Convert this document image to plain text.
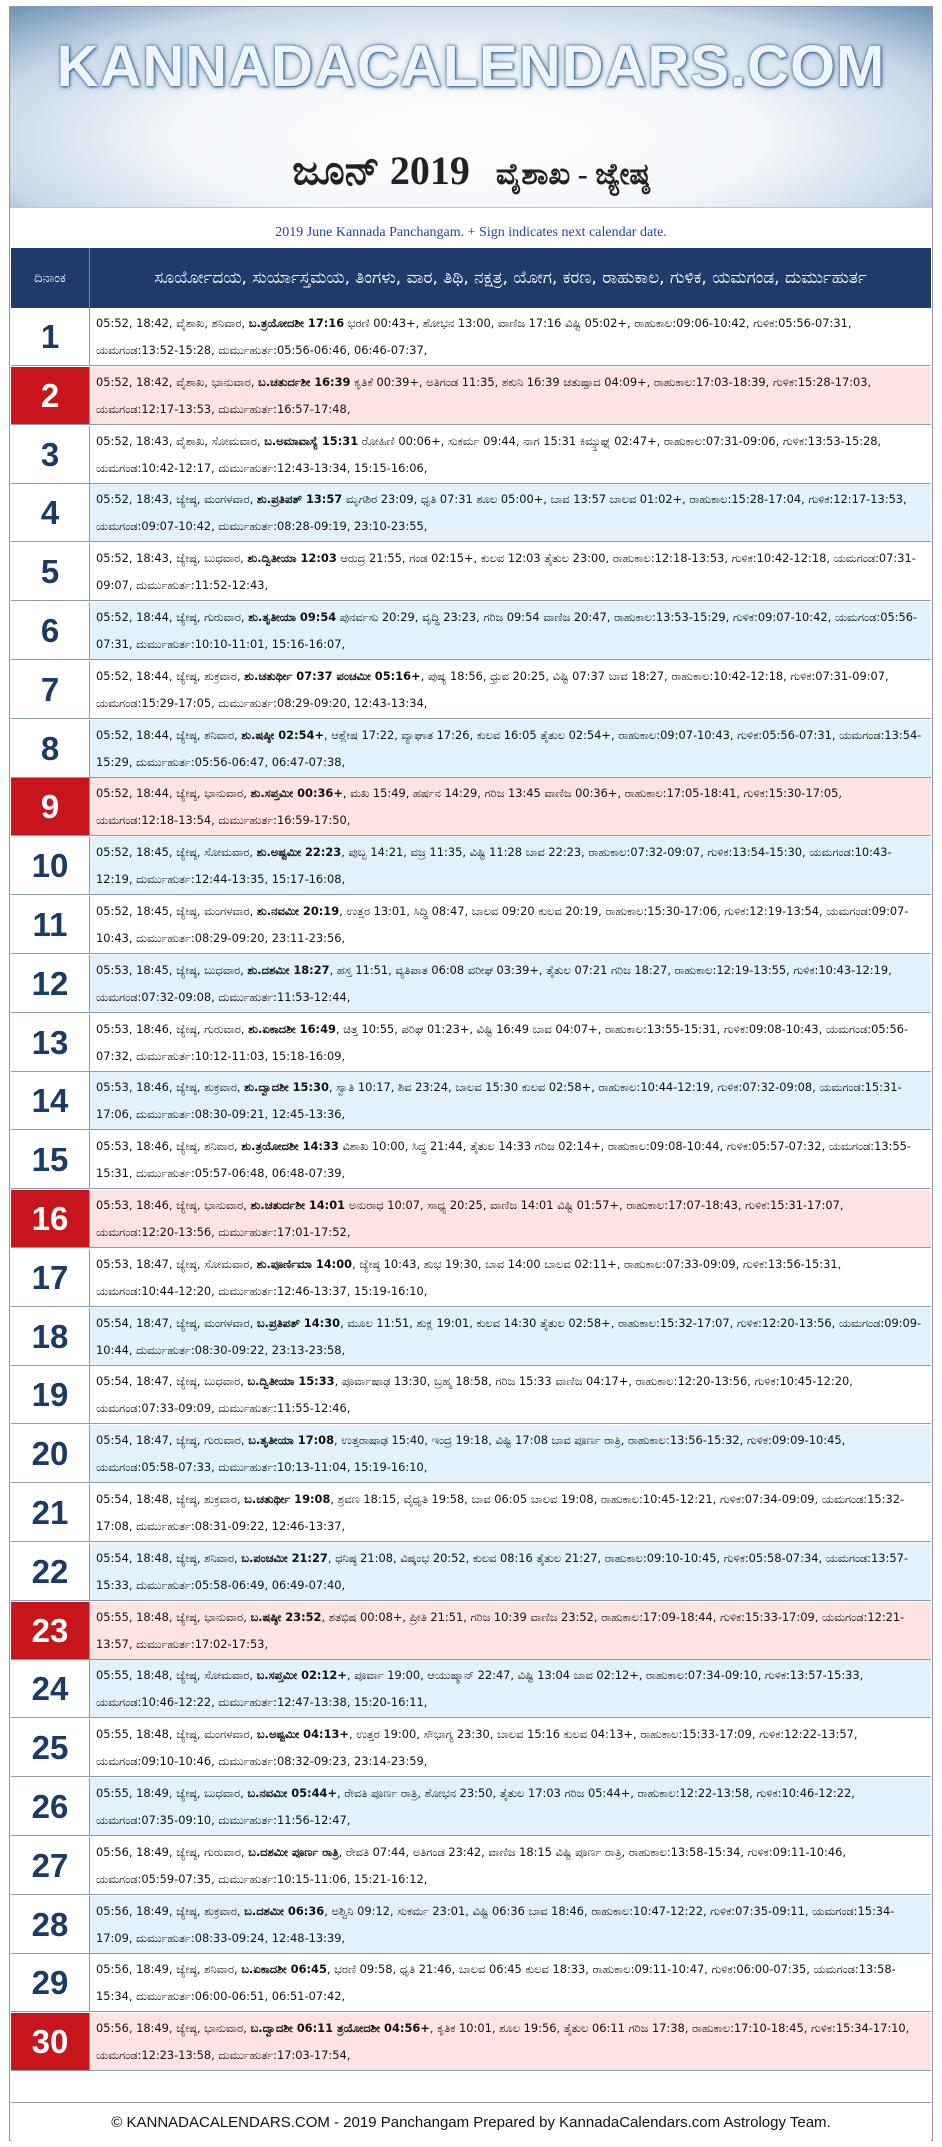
KANNADACALENDARS.COM
ಜೂನ್ 2019 ವೈಶಾಖ - ಜ್ಯೇಷ್ಠ
2019 June Kannada Panchangam. + Sign indicates next calendar date.
ದಿನಾಂಕ	ಸೂರ್ಯೋದಯ, ಸುರ್ಯಾಸ್ತಮಯ, ತಿಂಗಳು, ವಾರ, ತಿಥಿ, ನಕ್ಷತ್ರ, ಯೋಗ, ಕರಣ, ರಾಹುಕಾಲ, ಗುಳಿಕ, ಯಮಗಂಡ, ದುರ್ಮುಹುರ್ತ
1	05:52, 18:42, ವೈಶಾಖ, ಶನಿವಾರ, ಬ.ತ್ರಯೋದಶೀ 17:16 ಭರಣಿ 00:43+, ಶೋಭನ 13:00, ವಾಣಿಜ 17:16 ವಿಷ್ಟಿ 05:02+, ರಾಹುಕಾಲ:09:06-10:42, ಗುಳಿಕ:05:56-07:31, ಯಮಗಂಡ:13:52-15:28, ದುರ್ಮುಹುರ್ತ:05:56-06:46, 06:46-07:37,
2	05:52, 18:42, ವೈಶಾಖ, ಭಾನುವಾರ, ಬ.ಚತುರ್ದಶೀ 16:39 ಕೃತಿಕೆ 00:39+, ಅತಿಗಂಡ 11:35, ಶಕುನಿ 16:39 ಚತುಷ್ಪಾದ 04:09+, ರಾಹುಕಾಲ:17:03-18:39, ಗುಳಿಕ:15:28-17:03, ಯಮಗಂಡ:12:17-13:53, ದುರ್ಮುಹುರ್ತ:16:57-17:48,
3	05:52, 18:43, ವೈಶಾಖ, ಸೋಮವಾರ, ಬ.ಅಮಾವಾಸ್ಯೆ 15:31 ರೋಹಿಣಿ 00:06+, ಸುಕರ್ಮ 09:44, ನಾಗ 15:31 ಕಿಮ್ಸ್ತುಘ್ನ 02:47+, ರಾಹುಕಾಲ:07:31-09:06, ಗುಳಿಕ:13:53-15:28, ಯಮಗಂಡ:10:42-12:17, ದುರ್ಮುಹುರ್ತ:12:43-13:34, 15:15-16:06,
4	05:52, 18:43, ಜ್ಯೇಷ್ಠ, ಮಂಗಳವಾರ, ಶು.ಪ್ರತಿಪತ್ 13:57 ಮೃಗಶಿರ 23:09, ಧೃತಿ 07:31 ಶೂಲ 05:00+, ಬಾವ 13:57 ಬಾಲವ 01:02+, ರಾಹುಕಾಲ:15:28-17:04, ಗುಳಿಕ:12:17-13:53, ಯಮಗಂಡ:09:07-10:42, ದುರ್ಮುಹುರ್ತ:08:28-09:19, 23:10-23:55,
5	05:52, 18:43, ಜ್ಯೇಷ್ಠ, ಬುಧವಾರ, ಶು.ದ್ವಿತೀಯಾ 12:03 ಆರುದ್ರ 21:55, ಗಂಡ 02:15+, ಕುಲವ 12:03 ತೈತುಲ 23:00, ರಾಹುಕಾಲ:12:18-13:53, ಗುಳಿಕ:10:42-12:18, ಯಮಗಂಡ:07:31-09:07, ದುರ್ಮುಹುರ್ತ:11:52-12:43,
6	05:52, 18:44, ಜ್ಯೇಷ್ಠ, ಗುರುವಾರ, ಶು.ತೃತೀಯಾ 09:54 ಪುನರ್ವಸು 20:29, ವೃದ್ಧಿ 23:23, ಗರಿಜ 09:54 ವಾಣಿಜ 20:47, ರಾಹುಕಾಲ:13:53-15:29, ಗುಳಿಕ:09:07-10:42, ಯಮಗಂಡ:05:56-07:31, ದುರ್ಮುಹುರ್ತ:10:10-11:01, 15:16-16:07,
7	05:52, 18:44, ಜ್ಯೇಷ್ಠ, ಶುಕ್ರವಾರ, ಶು.ಚತುರ್ಥೀ 07:37 ಪಂಚಮೀ 05:16+, ಪುಷ್ಯ 18:56, ಧ್ರುವ 20:25, ವಿಷ್ಟಿ 07:37 ಬಾವ 18:27, ರಾಹುಕಾಲ:10:42-12:18, ಗುಳಿಕ:07:31-09:07, ಯಮಗಂಡ:15:29-17:05, ದುರ್ಮುಹುರ್ತ:08:29-09:20, 12:43-13:34,
8	05:52, 18:44, ಜ್ಯೇಷ್ಠ, ಶನಿವಾರ, ಶು.ಷಷ್ಠೀ 02:54+, ಆಶ್ಲೇಷ 17:22, ವ್ಯಾಘಾತ 17:26, ಕುಲವ 16:05 ತೈತುಲ 02:54+, ರಾಹುಕಾಲ:09:07-10:43, ಗುಳಿಕ:05:56-07:31, ಯಮಗಂಡ:13:54-15:29, ದುರ್ಮುಹುರ್ತ:05:56-06:47, 06:47-07:38,
9	05:52, 18:44, ಜ್ಯೇಷ್ಠ, ಭಾನುವಾರ, ಶು.ಸಪ್ತಮೀ 00:36+, ಮಖ 15:49, ಹರ್ಷನ 14:29, ಗರಿಜ 13:45 ವಾಣಿಜ 00:36+, ರಾಹುಕಾಲ:17:05-18:41, ಗುಳಿಕ:15:30-17:05, ಯಮಗಂಡ:12:18-13:54, ದುರ್ಮುಹುರ್ತ:16:59-17:50,
10	05:52, 18:45, ಜ್ಯೇಷ್ಠ, ಸೋಮವಾರ, ಶು.ಅಷ್ಟಮೀ 22:23, ಪುಬ್ಬ 14:21, ವಜ್ರ 11:35, ವಿಷ್ಟಿ 11:28 ಬಾವ 22:23, ರಾಹುಕಾಲ:07:32-09:07, ಗುಳಿಕ:13:54-15:30, ಯಮಗಂಡ:10:43-12:19, ದುರ್ಮುಹುರ್ತ:12:44-13:35, 15:17-16:08,
11	05:52, 18:45, ಜ್ಯೇಷ್ಠ, ಮಂಗಳವಾರ, ಶು.ನವಮೀ 20:19, ಉತ್ತರ 13:01, ಸಿದ್ಧಿ 08:47, ಬಾಲವ 09:20 ಕುಲವ 20:19, ರಾಹುಕಾಲ:15:30-17:06, ಗುಳಿಕ:12:19-13:54, ಯಮಗಂಡ:09:07-10:43, ದುರ್ಮುಹುರ್ತ:08:29-09:20, 23:11-23:56,
12	05:53, 18:45, ಜ್ಯೇಷ್ಠ, ಬುಧವಾರ, ಶು.ದಶಮೀ 18:27, ಹಸ್ತ 11:51, ವ್ಯತಿಪಾತ 06:08 ವರೀಘ 03:39+, ತೈತುಲ 07:21 ಗರಿಜ 18:27, ರಾಹುಕಾಲ:12:19-13:55, ಗುಳಿಕ:10:43-12:19, ಯಮಗಂಡ:07:32-09:08, ದುರ್ಮುಹುರ್ತ:11:53-12:44,
13	05:53, 18:46, ಜ್ಯೇಷ್ಠ, ಗುರುವಾರ, ಶು.ಏಕಾದಶೀ 16:49, ಚಿತ್ತ 10:55, ಪರಿಘ 01:23+, ವಿಷ್ಟಿ 16:49 ಬಾವ 04:07+, ರಾಹುಕಾಲ:13:55-15:31, ಗುಳಿಕ:09:08-10:43, ಯಮಗಂಡ:05:56-07:32, ದುರ್ಮುಹುರ್ತ:10:12-11:03, 15:18-16:09,
14	05:53, 18:46, ಜ್ಯೇಷ್ಠ, ಶುಕ್ರವಾರ, ಶು.ದ್ವಾದಶೀ 15:30, ಸ್ವಾತಿ 10:17, ಶಿವ 23:24, ಬಾಲವ 15:30 ಕುಲವ 02:58+, ರಾಹುಕಾಲ:10:44-12:19, ಗುಳಿಕ:07:32-09:08, ಯಮಗಂಡ:15:31-17:06, ದುರ್ಮುಹುರ್ತ:08:30-09:21, 12:45-13:36,
15	05:53, 18:46, ಜ್ಯೇಷ್ಠ, ಶನಿವಾರ, ಶು.ತ್ರಯೋದಶೀ 14:33 ವಿಶಾಖ 10:00, ಸಿದ್ಧ 21:44, ತೈತುಲ 14:33 ಗರಿಜ 02:14+, ರಾಹುಕಾಲ:09:08-10:44, ಗುಳಿಕ:05:57-07:32, ಯಮಗಂಡ:13:55-15:31, ದುರ್ಮುಹುರ್ತ:05:57-06:48, 06:48-07:39,
16	05:53, 18:46, ಜ್ಯೇಷ್ಠ, ಭಾನುವಾರ, ಶು.ಚತುರ್ದಶೀ 14:01 ಅನುರಾಧ 10:07, ಸಾಧ್ಯ 20:25, ವಾಣಿಜ 14:01 ವಿಷ್ಟಿ 01:57+, ರಾಹುಕಾಲ:17:07-18:43, ಗುಳಿಕ:15:31-17:07, ಯಮಗಂಡ:12:20-13:56, ದುರ್ಮುಹುರ್ತ:17:01-17:52,
17	05:53, 18:47, ಜ್ಯೇಷ್ಠ, ಸೋಮವಾರ, ಶು.ಪೂರ್ಣಿಮಾ 14:00, ಜ್ಯೇಷ್ಠ 10:43, ಶುಭ 19:30, ಬಾವ 14:00 ಬಾಲವ 02:11+, ರಾಹುಕಾಲ:07:33-09:09, ಗುಳಿಕ:13:56-15:31, ಯಮಗಂಡ:10:44-12:20, ದುರ್ಮುಹುರ್ತ:12:46-13:37, 15:19-16:10,
18	05:54, 18:47, ಜ್ಯೇಷ್ಠ, ಮಂಗಳವಾರ, ಬ.ಪ್ರತಿಪತ್ 14:30, ಮೂಲ 11:51, ಶುಕ್ಲ 19:01, ಕುಲವ 14:30 ತೈತುಲ 02:58+, ರಾಹುಕಾಲ:15:32-17:07, ಗುಳಿಕ:12:20-13:56, ಯಮಗಂಡ:09:09-10:44, ದುರ್ಮುಹುರ್ತ:08:30-09:22, 23:13-23:58,
19	05:54, 18:47, ಜ್ಯೇಷ್ಠ, ಬುಧವಾರ, ಬ.ದ್ವಿತೀಯಾ 15:33, ಪೂರ್ವಾಷಾಢ 13:30, ಬ್ರಹ್ಮ 18:58, ಗರಿಜ 15:33 ವಾಣಿಜ 04:17+, ರಾಹುಕಾಲ:12:20-13:56, ಗುಳಿಕ:10:45-12:20, ಯಮಗಂಡ:07:33-09:09, ದುರ್ಮುಹುರ್ತ:11:55-12:46,
20	05:54, 18:47, ಜ್ಯೇಷ್ಠ, ಗುರುವಾರ, ಬ.ತೃತೀಯಾ 17:08, ಉತ್ತರಾಷಾಢ 15:40, ಇಂದ್ರ 19:18, ವಿಷ್ಟಿ 17:08 ಬಾವ ಪೂರ್ಣ ರಾತ್ರಿ, ರಾಹುಕಾಲ:13:56-15:32, ಗುಳಿಕ:09:09-10:45, ಯಮಗಂಡ:05:58-07:33, ದುರ್ಮುಹುರ್ತ:10:13-11:04, 15:19-16:10,
21	05:54, 18:48, ಜ್ಯೇಷ್ಠ, ಶುಕ್ರವಾರ, ಬ.ಚತುರ್ಥೀ 19:08, ಶ್ರವಣ 18:15, ವೈಧೃತಿ 19:58, ಬಾವ 06:05 ಬಾಲವ 19:08, ರಾಹುಕಾಲ:10:45-12:21, ಗುಳಿಕ:07:34-09:09, ಯಮಗಂಡ:15:32-17:08, ದುರ್ಮುಹುರ್ತ:08:31-09:22, 12:46-13:37,
22	05:54, 18:48, ಜ್ಯೇಷ್ಠ, ಶನಿವಾರ, ಬ.ಪಂಚಮೀ 21:27, ಧನಿಷ್ಠ 21:08, ವಿಷ್ಕಂಭ 20:52, ಕುಲವ 08:16 ತೈತುಲ 21:27, ರಾಹುಕಾಲ:09:10-10:45, ಗುಳಿಕ:05:58-07:34, ಯಮಗಂಡ:13:57-15:33, ದುರ್ಮುಹುರ್ತ:05:58-06:49, 06:49-07:40,
23	05:55, 18:48, ಜ್ಯೇಷ್ಠ, ಭಾನುವಾರ, ಬ.ಷಷ್ಠೀ 23:52, ಶತಭಿಷ 00:08+, ಪ್ರೀತಿ 21:51, ಗರಿಜ 10:39 ವಾಣಿಜ 23:52, ರಾಹುಕಾಲ:17:09-18:44, ಗುಳಿಕ:15:33-17:09, ಯಮಗಂಡ:12:21-13:57, ದುರ್ಮುಹುರ್ತ:17:02-17:53,
24	05:55, 18:48, ಜ್ಯೇಷ್ಠ, ಸೋಮವಾರ, ಬ.ಸಪ್ತಮೀ 02:12+, ಪೂರ್ವಾ 19:00, ಆಯುಷ್ಮಾನ್ 22:47, ವಿಷ್ಟಿ 13:04 ಬಾವ 02:12+, ರಾಹುಕಾಲ:07:34-09:10, ಗುಳಿಕ:13:57-15:33, ಯಮಗಂಡ:10:46-12:22, ದುರ್ಮುಹುರ್ತ:12:47-13:38, 15:20-16:11,
25	05:55, 18:48, ಜ್ಯೇಷ್ಠ, ಮಂಗಳವಾರ, ಬ.ಅಷ್ಟಮೀ 04:13+, ಉತ್ತರ 19:00, ಸೌಭಾಗ್ಯ 23:30, ಬಾಲವ 15:16 ಕುಲವ 04:13+, ರಾಹುಕಾಲ:15:33-17:09, ಗುಳಿಕ:12:22-13:57, ಯಮಗಂಡ:09:10-10:46, ದುರ್ಮುಹುರ್ತ:08:32-09:23, 23:14-23:59,
26	05:55, 18:49, ಜ್ಯೇಷ್ಠ, ಬುಧವಾರ, ಬ.ನವಮೀ 05:44+, ರೇವತಿ ಪೂರ್ಣ ರಾತ್ರಿ, ಶೋಭನ 23:50, ತೈತುಲ 17:03 ಗರಿಜ 05:44+, ರಾಹುಕಾಲ:12:22-13:58, ಗುಳಿಕ:10:46-12:22, ಯಮಗಂಡ:07:35-09:10, ದುರ್ಮುಹುರ್ತ:11:56-12:47,
27	05:56, 18:49, ಜ್ಯೇಷ್ಠ, ಗುರುವಾರ, ಬ.ದಶಮೀ ಪೂರ್ಣ ರಾತ್ರಿ, ರೇವತಿ 07:44, ಅತಿಗಂಡ 23:42, ವಾಣಿಜ 18:15 ವಿಷ್ಟಿ ಪೂರ್ಣ ರಾತ್ರಿ, ರಾಹುಕಾಲ:13:58-15:34, ಗುಳಿಕ:09:11-10:46, ಯಮಗಂಡ:05:59-07:35, ದುರ್ಮುಹುರ್ತ:10:15-11:06, 15:21-16:12,
28	05:56, 18:49, ಜ್ಯೇಷ್ಠ, ಶುಕ್ರವಾರ, ಬ.ದಶಮೀ 06:36, ಅಶ್ವಿನಿ 09:12, ಸುಕರ್ಮ 23:01, ವಿಷ್ಟಿ 06:36 ಬಾವ 18:46, ರಾಹುಕಾಲ:10:47-12:22, ಗುಳಿಕ:07:35-09:11, ಯಮಗಂಡ:15:34-17:09, ದುರ್ಮುಹುರ್ತ:08:33-09:24, 12:48-13:39,
29	05:56, 18:49, ಜ್ಯೇಷ್ಠ, ಶನಿವಾರ, ಬ.ಏಕಾದಶೀ 06:45, ಭರಣಿ 09:58, ಧೃತಿ 21:46, ಬಾಲವ 06:45 ಕುಲವ 18:33, ರಾಹುಕಾಲ:09:11-10:47, ಗುಳಿಕ:06:00-07:35, ಯಮಗಂಡ:13:58-15:34, ದುರ್ಮುಹುರ್ತ:06:00-06:51, 06:51-07:42,
30	05:56, 18:49, ಜ್ಯೇಷ್ಠ, ಭಾನುವಾರ, ಬ.ದ್ವಾದಶೀ 06:11 ತ್ರಯೋದಶೀ 04:56+, ಕೃತಿಕ 10:01, ಶೂಲ 19:56, ತೈತುಲ 06:11 ಗರಿಜ 17:38, ರಾಹುಕಾಲ:17:10-18:45, ಗುಳಿಕ:15:34-17:10, ಯಮಗಂಡ:12:23-13:58, ದುರ್ಮುಹುರ್ತ:17:03-17:54,
© KANNADACALENDARS.COM - 2019 Panchangam Prepared by KannadaCalendars.com Astrology Team.
